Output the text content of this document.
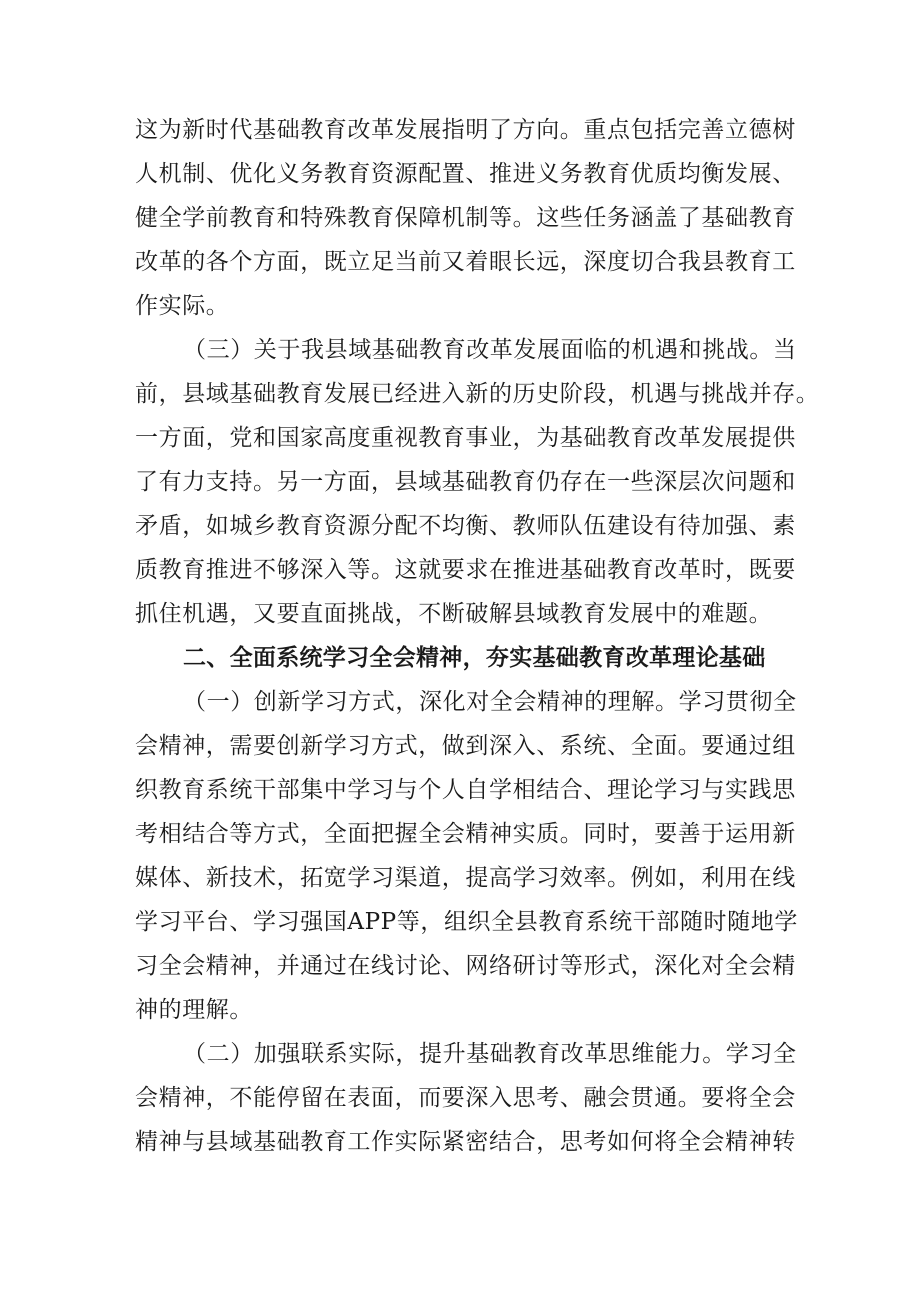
这为新时代基础教育改革发展指明了方向。重点包括完善立德树
人机制、优化义务教育资源配置、推进义务教育优质均衡发展、
健全学前教育和特殊教育保障机制等。这些任务涵盖了基础教育
改革的各个方面，既立足当前又着眼长远，深度切合我县教育工
作实际。
（三）关于我县域基础教育改革发展面临的机遇和挑战。当
前，县域基础教育发展已经进入新的历史阶段，机遇与挑战并存。
一方面，党和国家高度重视教育事业，为基础教育改革发展提供
了有力支持。另一方面，县域基础教育仍存在一些深层次问题和
矛盾，如城乡教育资源分配不均衡、教师队伍建设有待加强、素
质教育推进不够深入等。这就要求在推进基础教育改革时，既要
抓住机遇，又要直面挑战，不断破解县域教育发展中的难题。
二、全面系统学习全会精神，夯实基础教育改革理论基础
（一）创新学习方式，深化对全会精神的理解。学习贯彻全
会精神，需要创新学习方式，做到深入、系统、全面。要通过组
织教育系统干部集中学习与个人自学相结合、理论学习与实践思
考相结合等方式，全面把握全会精神实质。同时，要善于运用新
媒体、新技术，拓宽学习渠道，提高学习效率。例如，利用在线
学习平台、学习强国APP等，组织全县教育系统干部随时随地学
习全会精神，并通过在线讨论、网络研讨等形式，深化对全会精
神的理解。
（二）加强联系实际，提升基础教育改革思维能力。学习全
会精神，不能停留在表面，而要深入思考、融会贯通。要将全会
精神与县域基础教育工作实际紧密结合，思考如何将全会精神转
